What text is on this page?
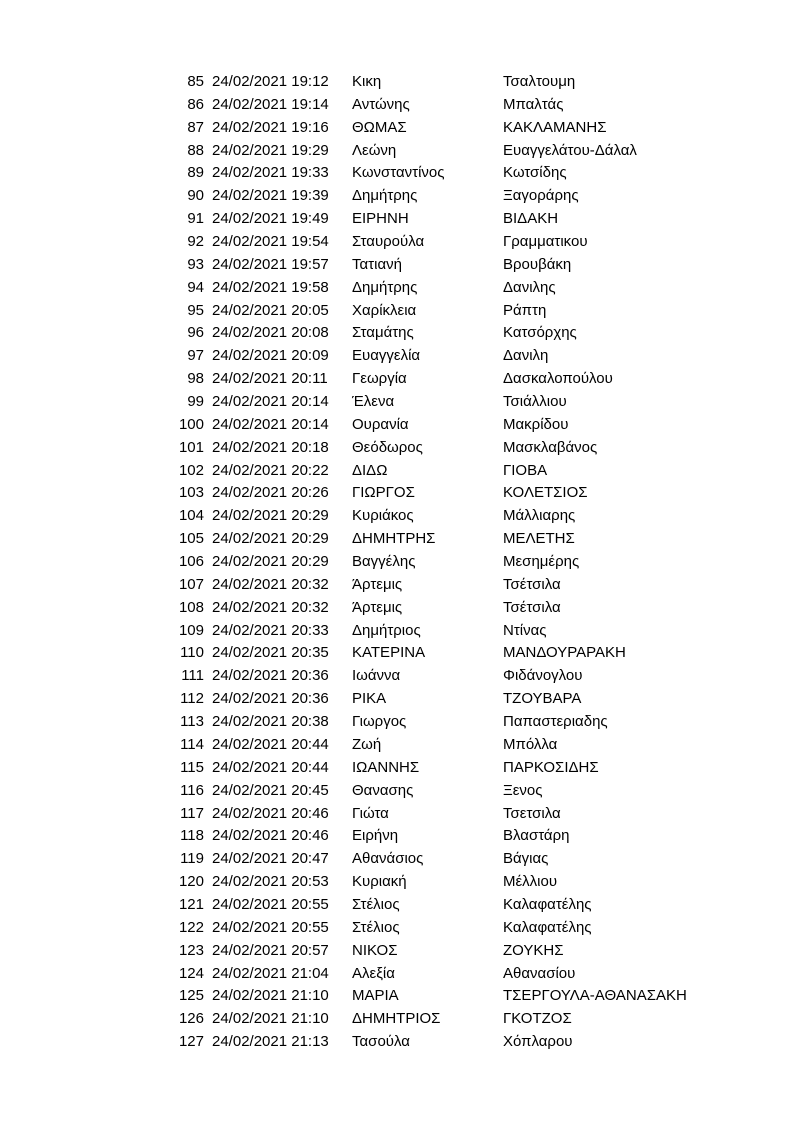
85 24/02/2021 19:12	Κικη	Τσαλτουμη
86 24/02/2021 19:14	Αντώνης	Μπαλτάς
87 24/02/2021 19:16	ΘΩΜΑΣ	ΚΑΚΛΑΜΑΝΗΣ
88 24/02/2021 19:29	Λεώνη	Ευαγγελάτου-Δάλαλ
89 24/02/2021 19:33	Κωνσταντίνος	Κωτσίδης
90 24/02/2021 19:39	Δημήτρης	Ξαγοράρης
91 24/02/2021 19:49	ΕΙΡΗΝΗ	ΒΙΔΑΚΗ
92 24/02/2021 19:54	Σταυρούλα	Γραμματικου
93 24/02/2021 19:57	Τατιανή	Βρουβάκη
94 24/02/2021 19:58	Δημήτρης	Δανιλης
95 24/02/2021 20:05	Χαρίκλεια	Ράπτη
96 24/02/2021 20:08	Σταμάτης	Κατσόρχης
97 24/02/2021 20:09	Ευαγγελία	Δανιλη
98 24/02/2021 20:11	Γεωργία	Δασκαλοπούλου
99 24/02/2021 20:14	Έλενα	Τσιάλλιου
100 24/02/2021 20:14	Ουρανία	Μακρίδου
101 24/02/2021 20:18	Θεόδωρος	Μασκλαβάνος
102 24/02/2021 20:22	ΔΙΔΩ	ΓΙΟΒΑ
103 24/02/2021 20:26	ΓΙΩΡΓΟΣ	ΚΟΛΕΤΣΙΟΣ
104 24/02/2021 20:29	Κυριάκος	Μάλλιαρης
105 24/02/2021 20:29	ΔΗΜΗΤΡΗΣ	ΜΕΛΕΤΗΣ
106 24/02/2021 20:29	Βαγγέλης	Μεσημέρης
107 24/02/2021 20:32	Άρτεμις	Τσέτσιλα
108 24/02/2021 20:32	Άρτεμις	Τσέτσιλα
109 24/02/2021 20:33	Δημήτριος	Ντίνας
110 24/02/2021 20:35	ΚΑΤΕΡΙΝΑ	ΜΑΝΔΟΥΡΑΡΑΚΗ
111 24/02/2021 20:36	Ιωάννα	Φιδάνογλου
112 24/02/2021 20:36	ΡΙΚΑ	ΤΖΟΥΒΑΡΑ
113 24/02/2021 20:38	Γιωργος	Παπαστεριαδης
114 24/02/2021 20:44	Ζωή	Μπόλλα
115 24/02/2021 20:44	ΙΩΑΝΝΗΣ	ΠΑΡΚΟΣΙΔΗΣ
116 24/02/2021 20:45	Θανασης	Ξενος
117 24/02/2021 20:46	Γιώτα	Τσετσιλα
118 24/02/2021 20:46	Ειρήνη	Βλαστάρη
119 24/02/2021 20:47	Αθανάσιος	Βάγιας
120 24/02/2021 20:53	Κυριακή	Μέλλιου
121 24/02/2021 20:55	Στέλιος	Καλαφατέλης
122 24/02/2021 20:55	Στέλιος	Καλαφατέλης
123 24/02/2021 20:57	ΝΙΚΟΣ	ΖΟΥΚΗΣ
124 24/02/2021 21:04	Αλεξία	Αθανασίου
125 24/02/2021 21:10	ΜΑΡΙΑ	ΤΣΕΡΓΟΥΛΑ-ΑΘΑΝΑΣΑΚΗ
126 24/02/2021 21:10	ΔΗΜΗΤΡΙΟΣ	ΓΚΟΤΖΟΣ
127 24/02/2021 21:13	Τασούλα	Χόπλαρου
